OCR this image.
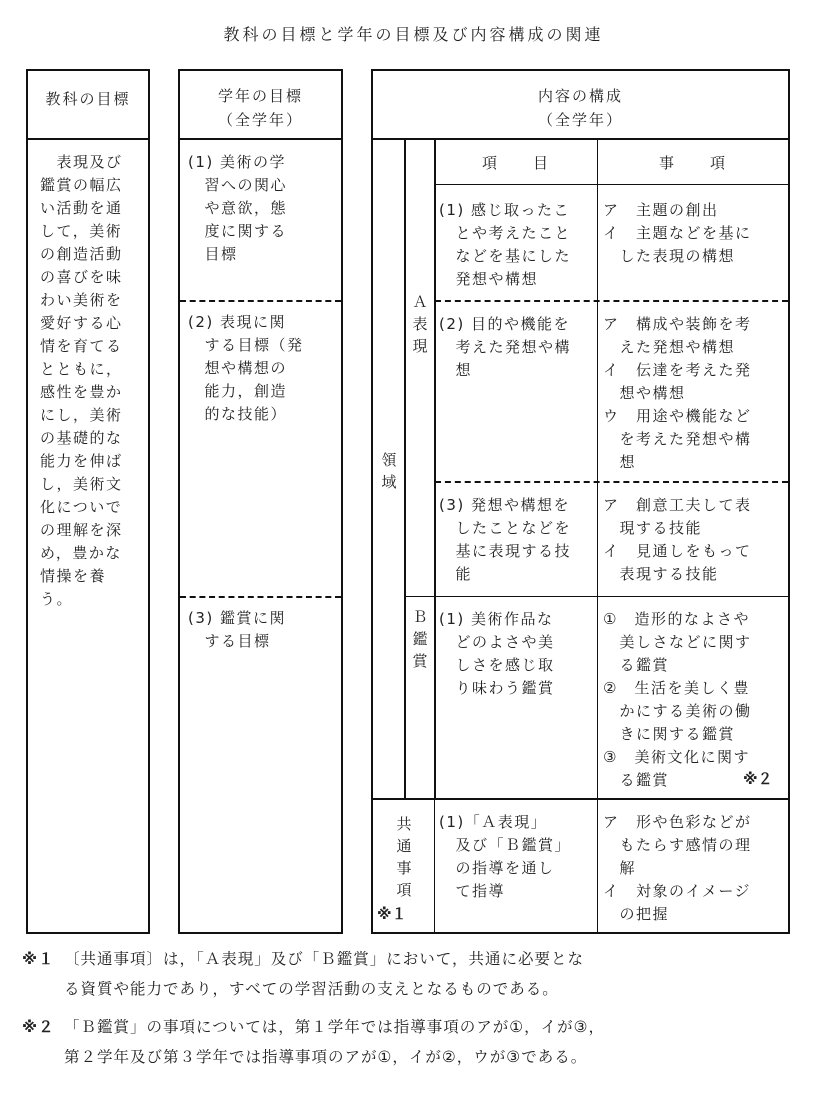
教科の目標と学年の目標及び内容構成の関連
教科の目標
　表現及び
鑑賞の幅広
い活動を通
して，美術
の創造活動
の喜びを味
わい美術を
愛好する心
情を育てる
とともに，
感性を豊か
にし，美術
の基礎的な
能力を伸ば
し，美術文
化についで
の理解を深
め，豊かな
情操を養
う。
学年の目標
（全学年）
(1) 美術の学
　習への関心
　や意欲，態
　度に関する
　目標
(2) 表現に関
　する目標（発
　想や構想の
　能力，創造
　的な技能）
(3) 鑑賞に関
　する目標
内容の構成
（全学年）
領
域
Ａ
表
現
Ｂ
鑑
賞
項　　目	事　　項
(1) 感じ取ったこ
　とや考えたこと
　などを基にした
　発想や構想
ア　主題の創出
イ　主題などを基に
　した表現の構想
(2) 目的や機能を
　考えた発想や構
　想
ア　構成や装飾を考
　えた発想や構想
イ　伝達を考えた発
　想や構想
ウ　用途や機能など
　を考えた発想や構
　想
(3) 発想や構想を
　したことなどを
　基に表現する技
　能
ア　創意工夫して表
　現する技能
イ　見通しをもって
　表現する技能
(1) 美術作品な
　どのよさや美
　しさを感じ取
　り味わう鑑賞
①　造形的なよさや
　美しさなどに関す
　る鑑賞
②　生活を美しく豊
　かにする美術の働
　きに関する鑑賞
③　美術文化に関す
　る鑑賞	※２
共
通
事
項
※１
(1)「Ａ表現」
　及び「Ｂ鑑賞」
　の指導を通し
　て指導
ア　形や色彩などが
　もたらす感情の理
　解
イ　対象のイメージ
　の把握
※１ 〔共通事項〕は，「Ａ表現」及び「Ｂ鑑賞」において，共通に必要とな
る資質や能力であり，すべての学習活動の支えとなるものである。
※２ 「Ｂ鑑賞」の事項については，第１学年では指導事項のアが①，イが③，
第２学年及び第３学年では指導事項のアが①，イが②，ウが③である。
